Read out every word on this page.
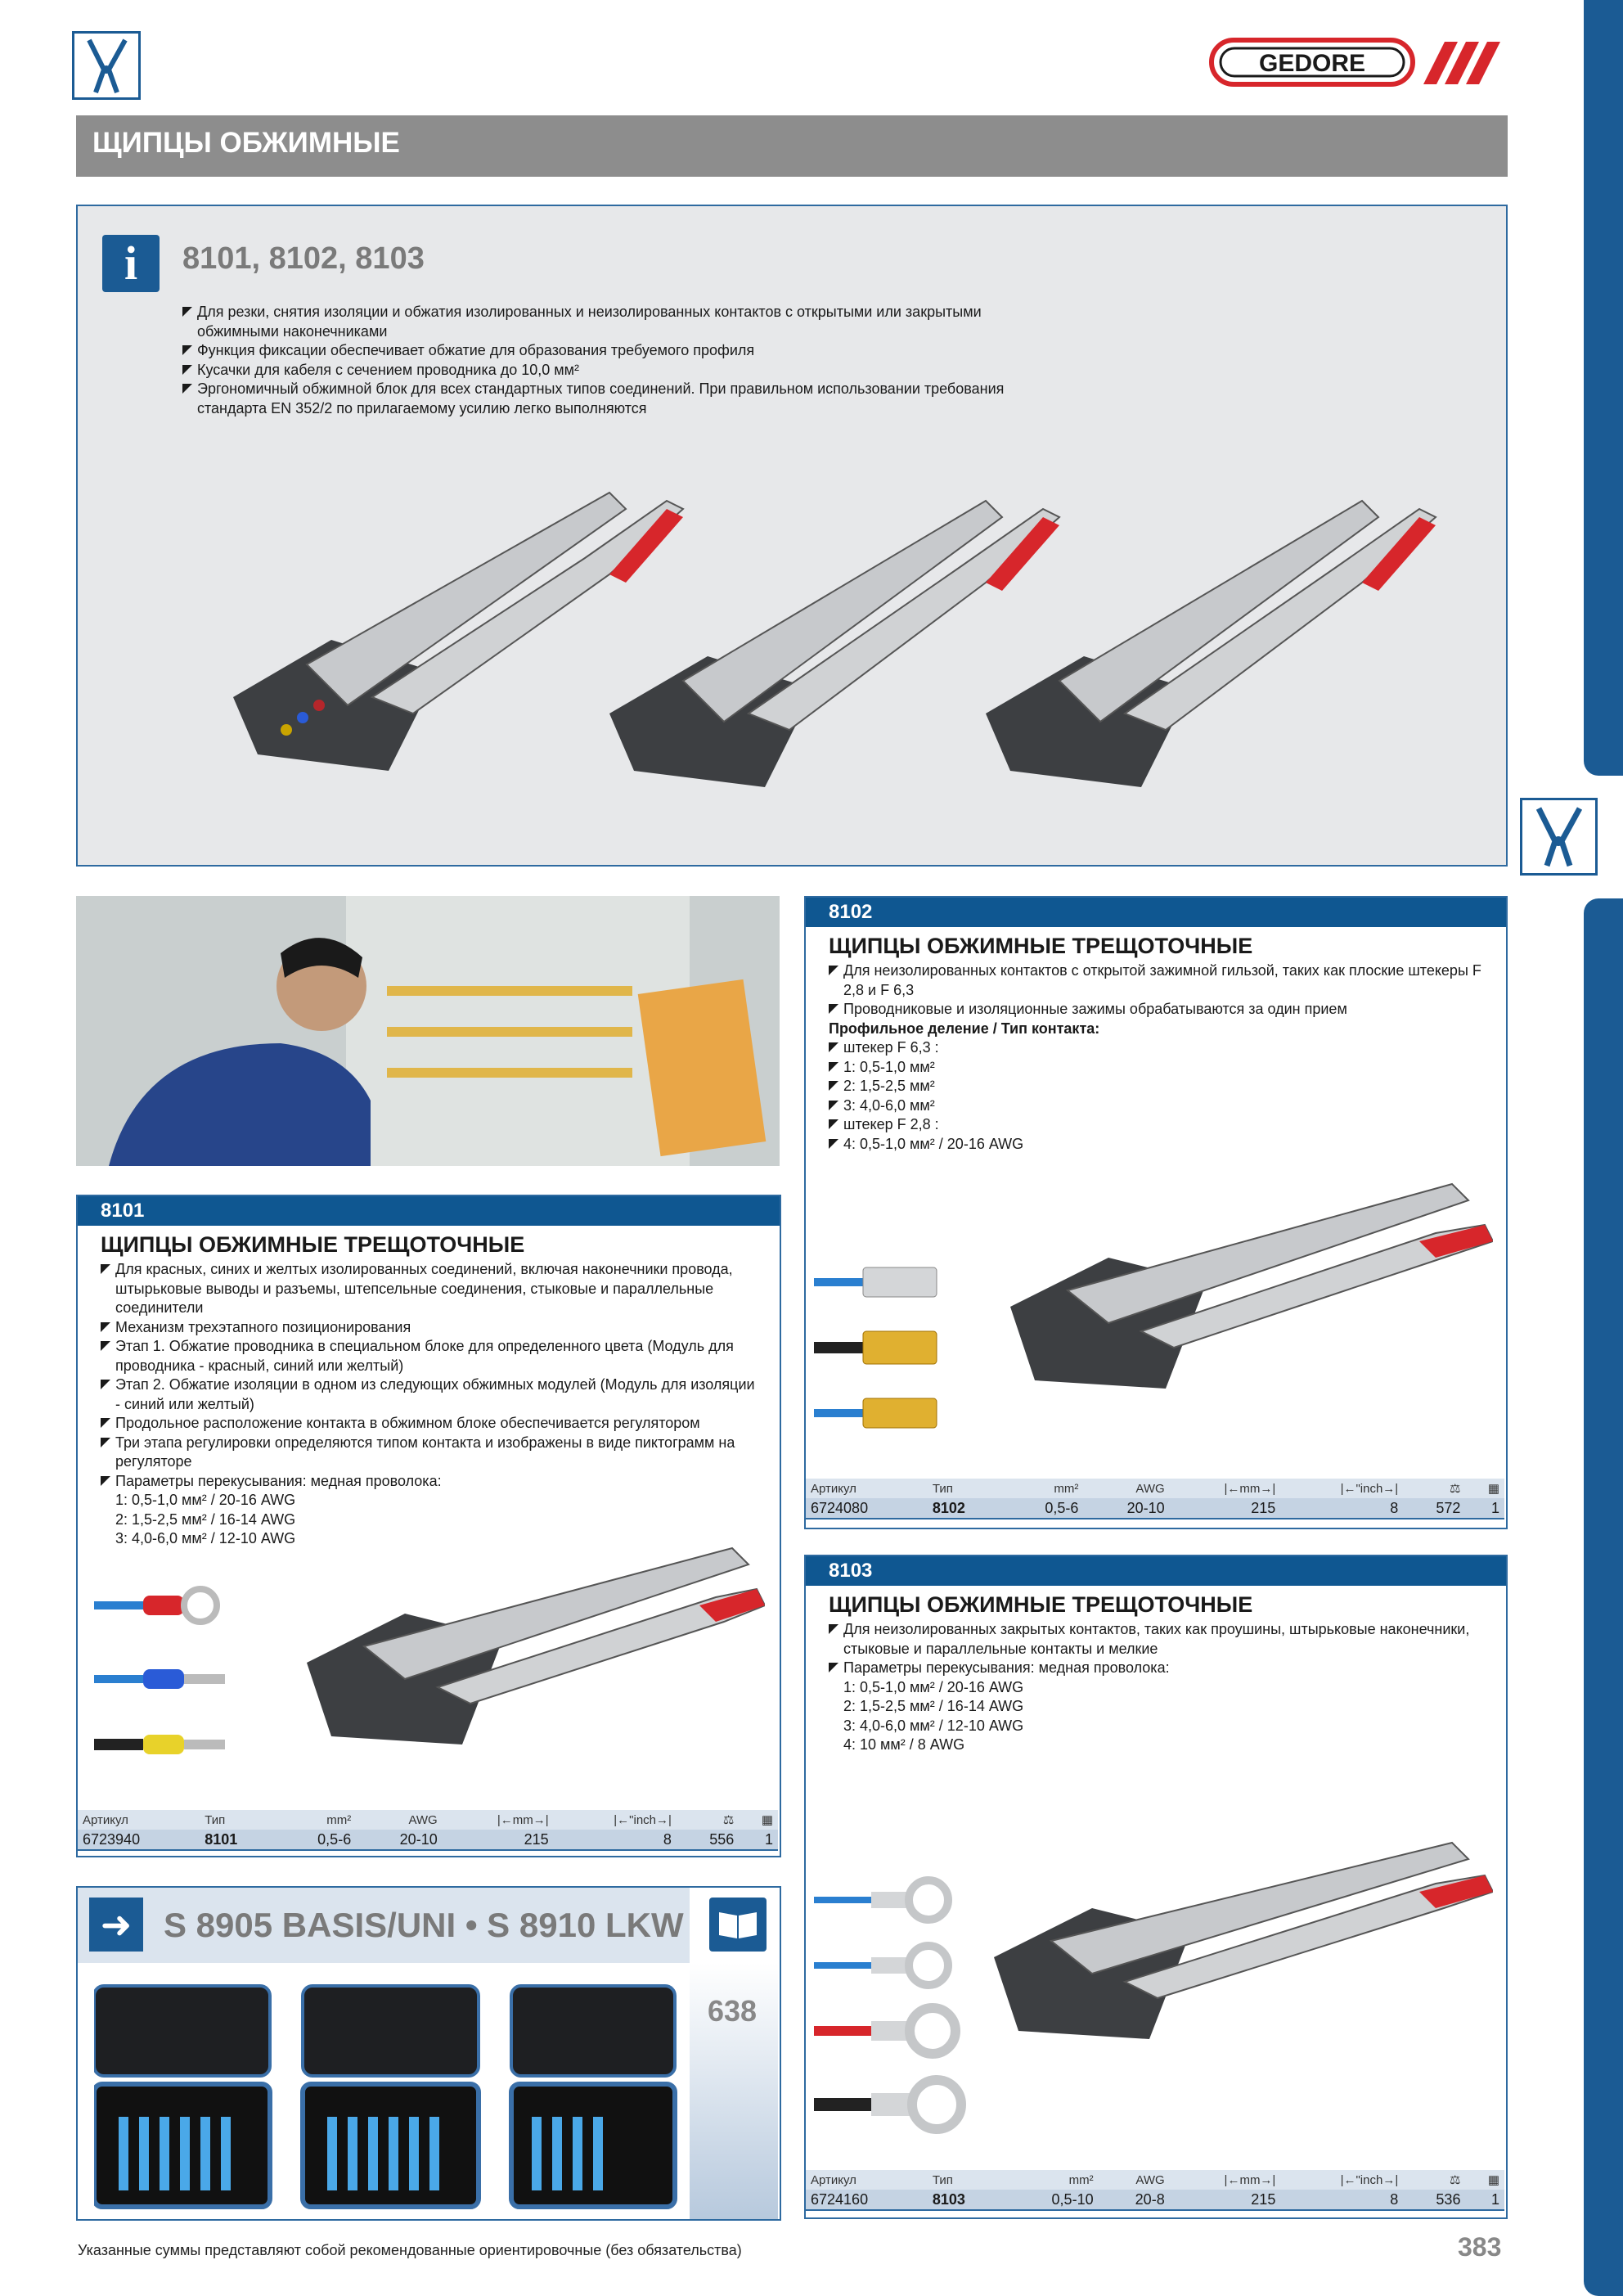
GEDORE
ЩИПЦЫ ОБЖИМНЫЕ
i	8101, 8102, 8103
Для резки, снятия изоляции и обжатия изолированных и неизолированных контактов с открытыми или закрытыми обжимными наконечниками
Функция фиксации обеспечивает обжатие для образования требуемого профиля
Кусачки для кабеля с сечением проводника до 10,0 мм²
Эргономичный обжимной блок для всех стандартных типов соединений. При правильном использовании требования стандарта EN 352/2 по прилагаемому усилию легко выполняются
8101
ЩИПЦЫ ОБЖИМНЫЕ ТРЕЩОТОЧНЫЕ
Для красных, синих и желтых изолированных соединений, включая наконечники провода, штырьковые выводы и разъемы, штепсельные соединения, стыковые и параллельные соединители
Механизм трехэтапного позиционирования
Этап 1. Обжатие проводника в специальном блоке для определенного цвета (Модуль для проводника - красный, синий или желтый)
Этап 2. Обжатие изоляции в одном из следующих обжимных модулей (Модуль для изоляции - синий или желтый)
Продольное расположение контакта в обжимном блоке обеспечивается регулятором
Три этапа регулировки определяются типом контакта и изображены в виде пиктограмм на регуляторе
Параметры перекусывания: медная проволока:
1: 0,5-1,0 мм² / 20-16 AWG
2: 1,5-2,5 мм² / 16-14 AWG
3: 4,0-6,0 мм² / 12-10 AWG
Артикул	Тип	mm²	AWG	|←mm→|	|←"inch→|	⚖	▦
6723940	8101	0,5-6	20-10	215	8	556	1
8102
ЩИПЦЫ ОБЖИМНЫЕ ТРЕЩОТОЧНЫЕ
Для неизолированных контактов с открытой зажимной гильзой, таких как плоские штекеры F 2,8 и F 6,3
Проводниковые и изоляционные зажимы обрабатываются за один прием
Профильное деление / Тип контакта:
штекер F 6,3 :
1: 0,5-1,0 мм²
2: 1,5-2,5 мм²
3: 4,0-6,0 мм²
штекер F 2,8 :
4: 0,5-1,0 мм² / 20-16 AWG
Артикул	Тип	mm²	AWG	|←mm→|	|←"inch→|	⚖	▦
6724080	8102	0,5-6	20-10	215	8	572	1
8103
ЩИПЦЫ ОБЖИМНЫЕ ТРЕЩОТОЧНЫЕ
Для неизолированных закрытых контактов, таких как проушины, штырьковые наконечники, стыковые и параллельные контакты и мелкие
Параметры перекусывания: медная проволока:
1: 0,5-1,0 мм² / 20-16 AWG
2: 1,5-2,5 мм² / 16-14 AWG
3: 4,0-6,0 мм² / 12-10 AWG
4: 10 мм² / 8 AWG
Артикул	Тип	mm²	AWG	|←mm→|	|←"inch→|	⚖	▦
6724160	8103	0,5-10	20-8	215	8	536	1
➜ S 8905 BASIS/UNI • S 8910 LKW
638
Указанные суммы представляют собой рекомендованные ориентировочные (без обязательства)	383
